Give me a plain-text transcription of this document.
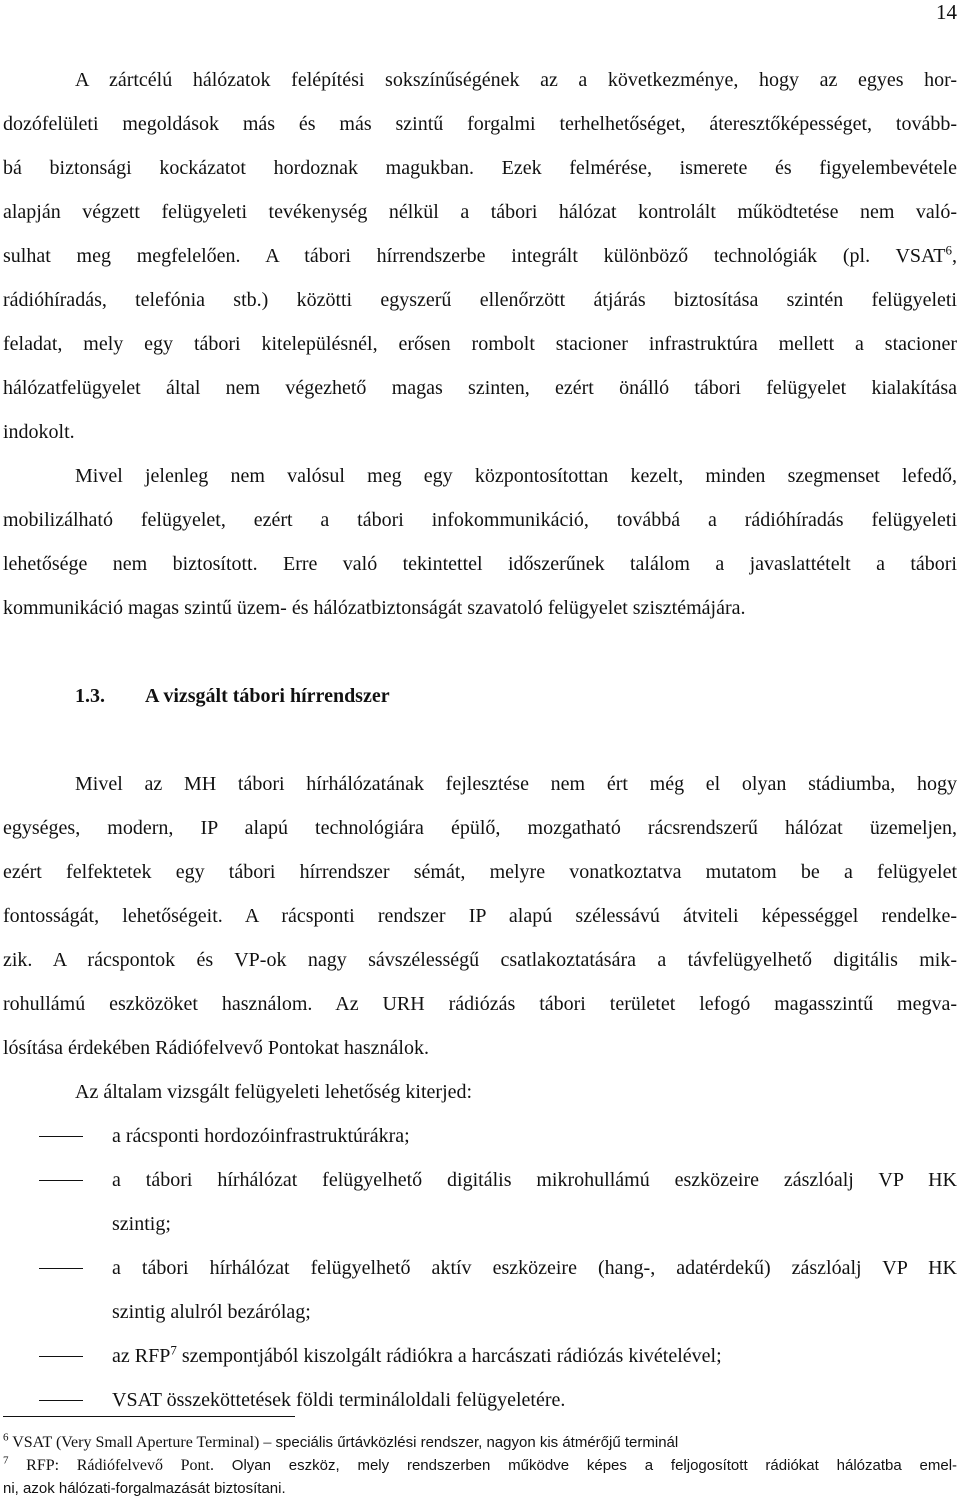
14
A zártcélú hálózatok felépítési sokszínűségének az a következménye, hogy az egyes hor-
dozófelületi megoldások más és más szintű forgalmi terhelhetőséget, áteresztőképességet, tovább-
bá biztonsági kockázatot hordoznak magukban. Ezek felmérése, ismerete és figyelembevétele
alapján végzett felügyeleti tevékenység nélkül a tábori hálózat kontrolált működtetése nem való-
sulhat meg megfelelően. A tábori hírrendszerbe integrált különböző technológiák (pl. VSAT$^6$,
rádióhíradás, telefónia stb.) közötti egyszerű ellenőrzött átjárás biztosítása szintén felügyeleti
feladat, mely egy tábori kitelepülésnél, erősen rombolt stacioner infrastruktúra mellett a stacioner
hálózatfelügyelet által nem végezhető magas szinten, ezért önálló tábori felügyelet kialakítása
indokolt.
Mivel jelenleg nem valósul meg egy központosítottan kezelt, minden szegmenset lefedő,
mobilizálható felügyelet, ezért a tábori infokommunikáció, továbbá a rádióhíradás felügyeleti
lehetősége nem biztosított. Erre való tekintettel időszerűnek találom a javaslattételt a tábori
kommunikáció magas szintű üzem- és hálózatbiztonságát szavatoló felügyelet szisztémájára.
1.3. A vizsgált tábori hírrendszer
Mivel az MH tábori hírhálózatának fejlesztése nem ért még el olyan stádiumba, hogy
egységes, modern, IP alapú technológiára épülő, mozgatható rácsrendszerű hálózat üzemeljen,
ezért felfektetek egy tábori hírrendszer sémát, melyre vonatkoztatva mutatom be a felügyelet
fontosságát, lehetőségeit. A rácsponti rendszer IP alapú szélessávú átviteli képességgel rendelke-
zik. A rácspontok és VP-ok nagy sávszélességű csatlakoztatására a távfelügyelhető digitális mik-
rohullámú eszközöket használom. Az URH rádiózás tábori területet lefogó magasszintű megva-
lósítása érdekében Rádiófelvevő Pontokat használok.
Az általam vizsgált felügyeleti lehetőség kiterjed:
a rácsponti hordozóinfrastruktúrákra;
a tábori hírhálózat felügyelhető digitális mikrohullámú eszközeire zászlóalj VP HK
szintig;
a tábori hírhálózat felügyelhető aktív eszközeire (hang-, adatérdekű) zászlóalj VP HK
szintig alulról bezárólag;
az RFP$^7$ szempontjából kiszolgált rádiókra a harcászati rádiózás kivételével;
VSAT összeköttetések földi terminálоldali felügyeletére.
$^6$ VSAT (Very Small Aperture Terminal) – speciális űrtávközlési rendszer, nagyon kis átmérőjű terminál
$^7$ RFP: Rádiófelvevő Pont. Olyan eszköz, mely rendszerben működve képes a feljogosított rádiókat hálózatba emel-
ni, azok hálózati-forgalmazását biztosítani.
